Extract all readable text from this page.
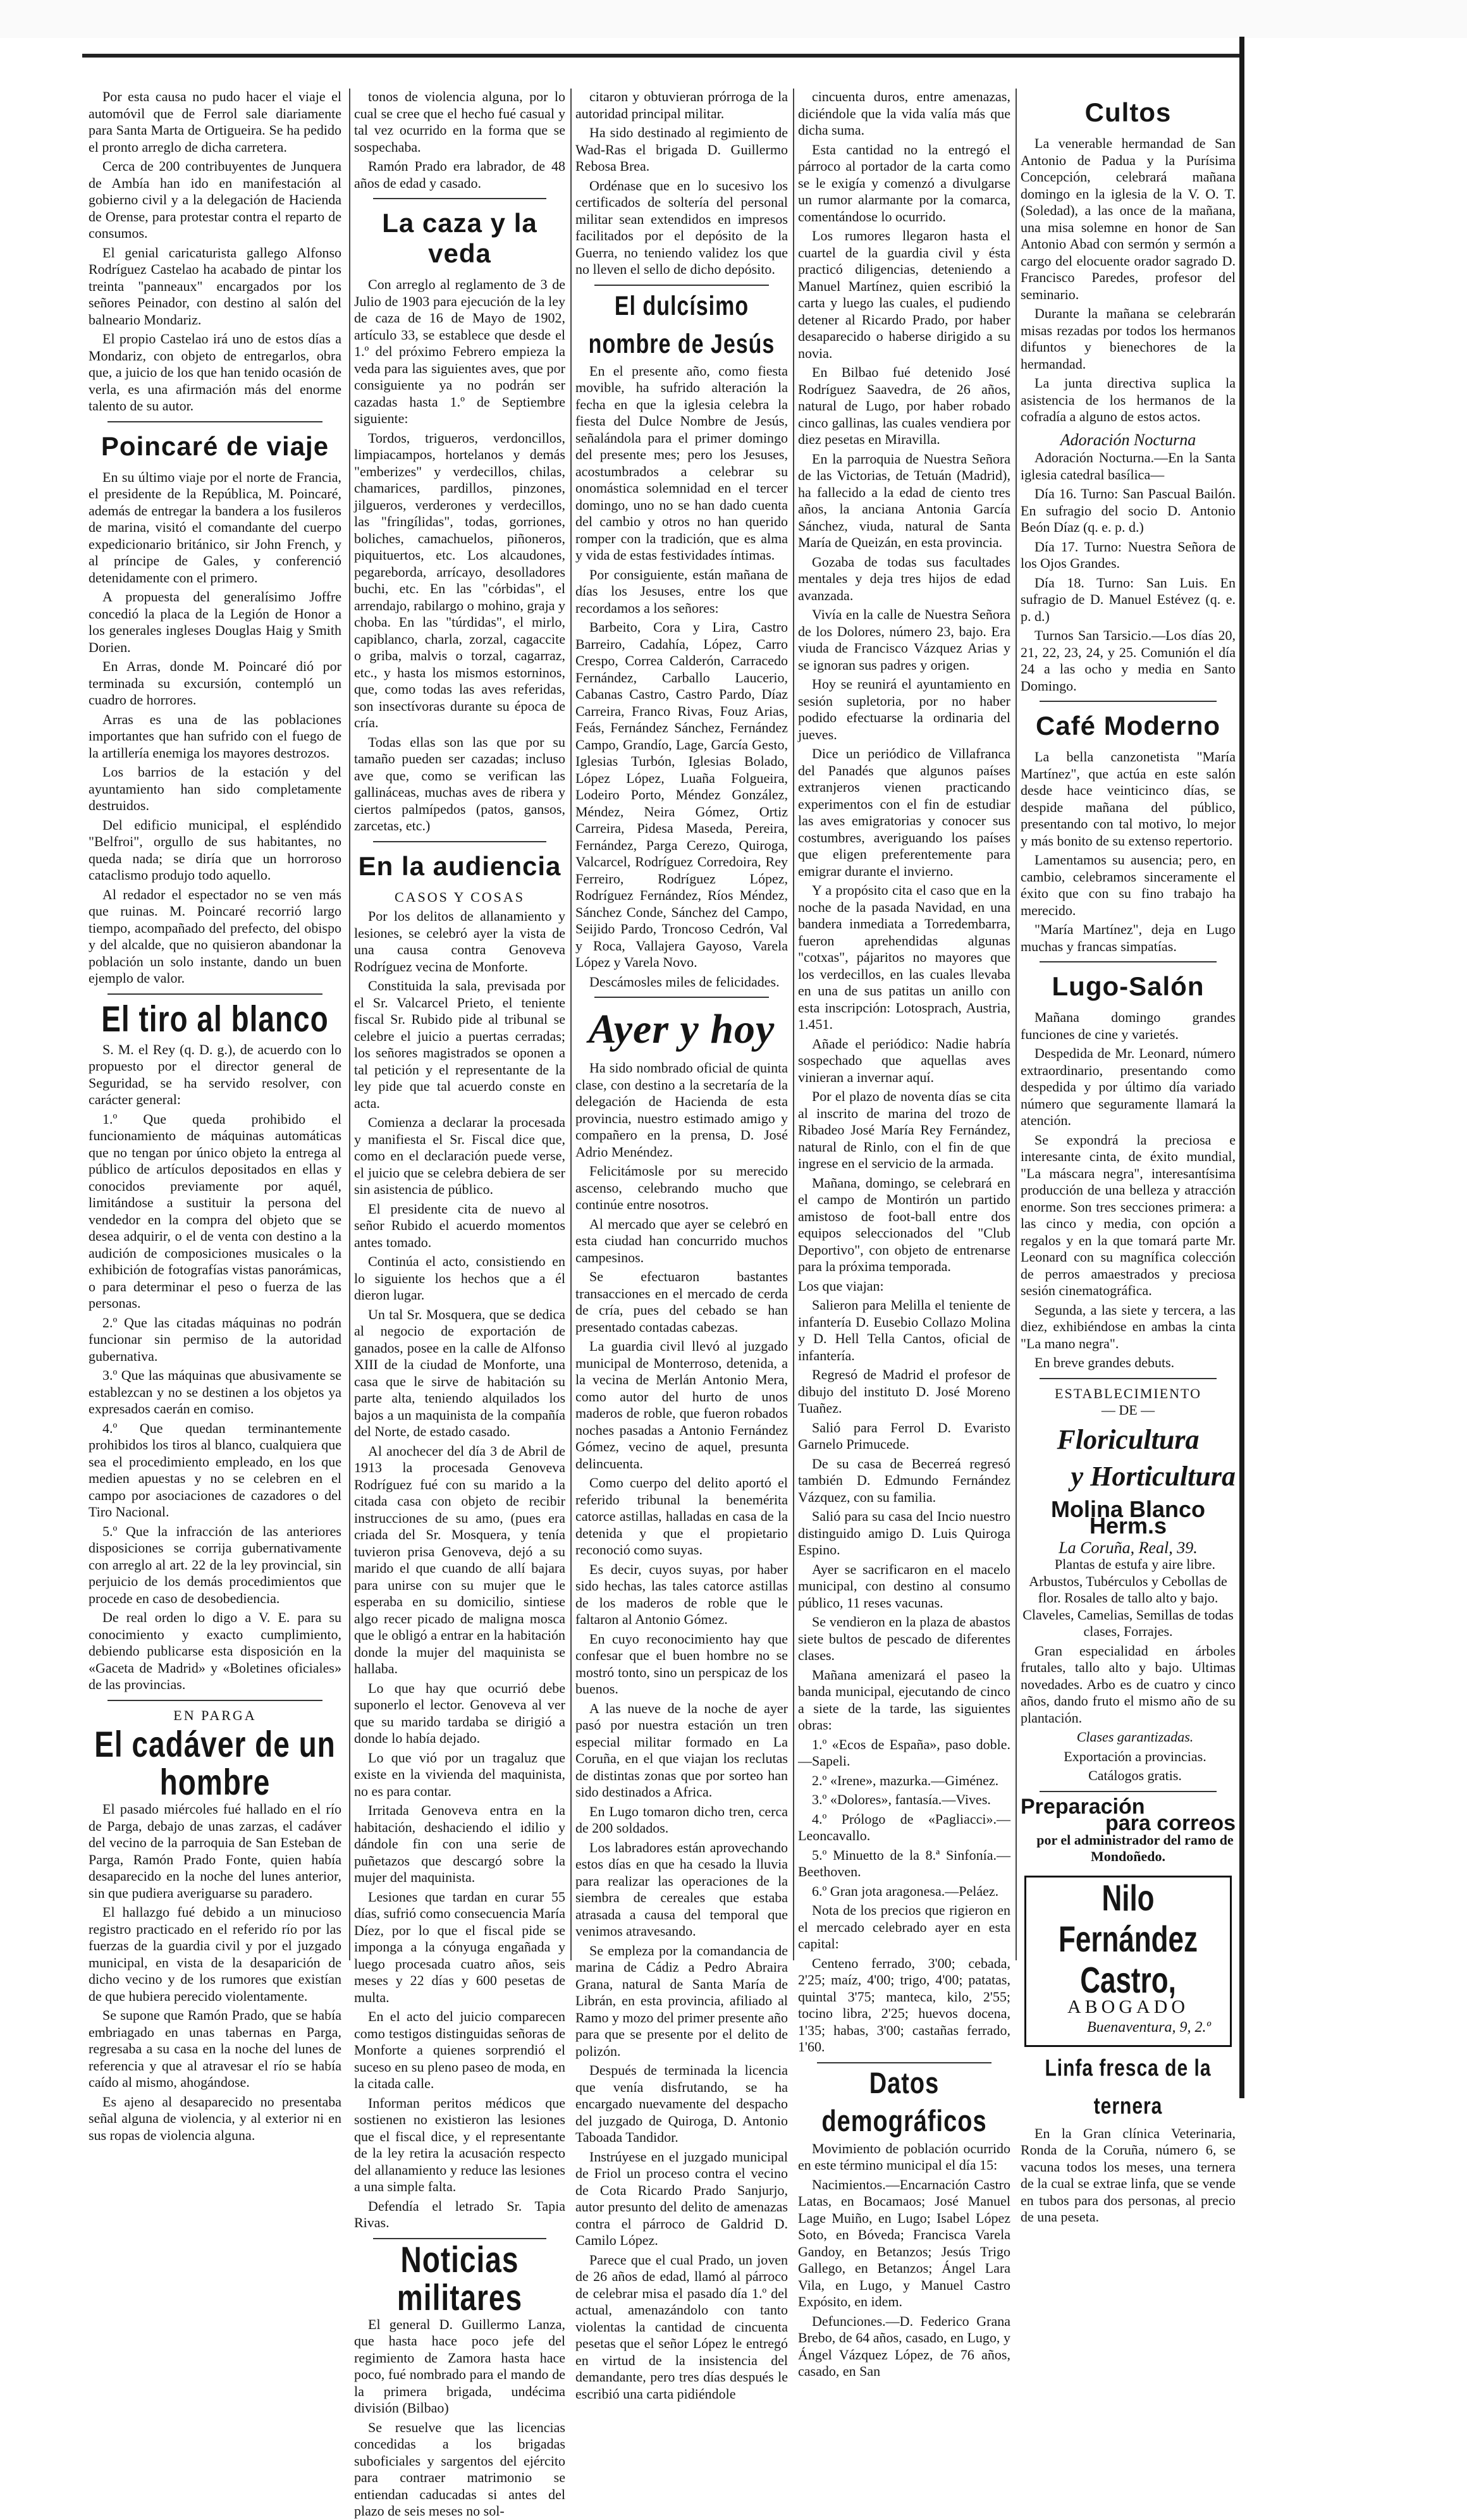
Por esta causa no pudo hacer el viaje el automóvil que de Ferrol sale diariamente para Santa Marta de Ortigueira. Se ha pedido el pronto arreglo de dicha carretera.

Cerca de 200 contribuyentes de Junquera de Ambía han ido en manifestación al gobierno civil y a la delegación de Hacienda de Orense, para protestar contra el reparto de consumos.

El genial caricaturista gallego Alfonso Rodríguez Castelao ha acabado de pintar los treinta "panneaux" encargados por los señores Peinador, con destino al salón del balneario Mondariz.

El propio Castelao irá uno de estos días a Mondariz, con objeto de entregarlos, obra que, a juicio de los que han tenido ocasión de verla, es una afirmación más del enorme talento de su autor.

Poincaré de viaje

En su último viaje por el norte de Francia, el presidente de la República, M. Poincaré, además de entregar la bandera a los fusileros de marina, visitó el comandante del cuerpo expedicionario británico, sir John French, y al príncipe de Gales, y conferenció detenidamente con el primero.

A propuesta del generalísimo Joffre concedió la placa de la Legión de Honor a los generales ingleses Douglas Haig y Smith Dorien.

En Arras, donde M. Poincaré dió por terminada su excursión, contempló un cuadro de horrores.

Arras es una de las poblaciones importantes que han sufrido con el fuego de la artillería enemiga los mayores destrozos.

Los barrios de la estación y del ayuntamiento han sido completamente destruidos.

Del edificio municipal, el espléndido "Belfroi", orgullo de sus habitantes, no queda nada; se diría que un horroroso cataclismo produjo todo aquello.

Al redador el espectador no se ven más que ruinas. M. Poincaré recorrió largo tiempo, acompañado del prefecto, del obispo y del alcalde, que no quisieron abandonar la población un solo instante, dando un buen ejemplo de valor.

El tiro al blanco

S. M. el Rey (q. D. g.), de acuerdo con lo propuesto por el director general de Seguridad, se ha servido resolver, con carácter general:

1.º Que queda prohibido el funcionamiento de máquinas automáticas que no tengan por único objeto la entrega al público de artículos depositados en ellas y conocidos previamente por aquél, limitándose a sustituir la persona del vendedor en la compra del objeto que se desea adquirir, o el de venta con destino a la audición de composiciones musicales o la exhibición de fotografías vistas panorámicas, o para determinar el peso o fuerza de las personas.

2.º Que las citadas máquinas no podrán funcionar sin permiso de la autoridad gubernativa.

3.º Que las máquinas que abusivamente se establezcan y no se destinen a los objetos ya expresados caerán en comiso.

4.º Que quedan terminantemente prohibidos los tiros al blanco, cualquiera que sea el procedimiento empleado, en los que medien apuestas y no se celebren en el campo por asociaciones de cazadores o del Tiro Nacional.

5.º Que la infracción de las anteriores disposiciones se corrija gubernativamente con arreglo al art. 22 de la ley provincial, sin perjuicio de los demás procedimientos que procede en caso de desobediencia.

De real orden lo digo a V. E. para su conocimiento y exacto cumplimiento, debiendo publicarse esta disposición en la «Gaceta de Madrid» y «Boletines oficiales» de las provincias.

EN PARGA
El cadáver de un hombre

El pasado miércoles fué hallado en el río de Parga, debajo de unas zarzas, el cadáver del vecino de la parroquia de San Esteban de Parga, Ramón Prado Fonte, quien había desaparecido en la noche del lunes anterior, sin que pudiera averiguarse su paradero.

El hallazgo fué debido a un minucioso registro practicado en el referido río por las fuerzas de la guardia civil y por el juzgado municipal, en vista de la desaparición de dicho vecino y de los rumores que existían de que hubiera perecido violentamente.

Se supone que Ramón Prado, que se había embriagado en unas tabernas en Parga, regresaba a su casa en la noche del lunes de referencia y que al atravesar el río se había caído al mismo, ahogándose.

Es ajeno al desaparecido no presentaba señal alguna de violencia, y al exterior ni en sus ropas de violencia alguna.

tonos de violencia alguna, por lo cual se cree que el hecho fué casual y tal vez ocurrido en la forma que se sospechaba.

Ramón Prado era labrador, de 48 años de edad y casado.

La caza y la veda

Con arreglo al reglamento de 3 de Julio de 1903 para ejecución de la ley de caza de 16 de Mayo de 1902, artículo 33, se establece que desde el 1.º del próximo Febrero empieza la veda para las siguientes aves, que por consiguiente ya no podrán ser cazadas hasta 1.º de Septiembre siguiente:

Tordos, trigueros, verdoncillos, limpiacampos, hortelanos y demás "emberizes" y verdecillos, chilas, chamarices, pardillos, pinzones, jilgueros, verderones y verdecillos, las "fringílidas", todas, gorriones, boliches, camachuelos, piñoneros, piquituertos, etc. Los alcaudones, pegareborda, arrícayo, desolladores buchi, etc. En las "córbidas", el arrendajo, rabilargo o mohino, graja y choba. En las "túrdidas", el mirlo, capiblanco, charla, zorzal, cagaccite o griba, malvis o torzal, cagarraz, etc., y hasta los mismos estorninos, que, como todas las aves referidas, son insectívoras durante su época de cría.

Todas ellas son las que por su tamaño pueden ser cazadas; incluso ave que, como se verifican las gallináceas, muchas aves de ribera y ciertos palmípedos (patos, gansos, zarcetas, etc.)

En la audiencia
CASOS Y COSAS

Por los delitos de allanamiento y lesiones, se celebró ayer la vista de una causa contra Genoveva Rodríguez vecina de Monforte.

Constituida la sala, previsada por el Sr. Valcarcel Prieto, el teniente fiscal Sr. Rubido pide al tribunal se celebre el juicio a puertas cerradas; los señores magistrados se oponen a tal petición y el representante de la ley pide que tal acuerdo conste en acta.

Comienza a declarar la procesada y manifiesta el Sr. Fiscal dice que, como en el declaración puede verse, el juicio que se celebra debiera de ser sin asistencia de público.

El presidente cita de nuevo al señor Rubido el acuerdo momentos antes tomado.

Continúa el acto, consistiendo en lo siguiente los hechos que a él dieron lugar.

Un tal Sr. Mosquera, que se dedica al negocio de exportación de ganados, posee en la calle de Alfonso XIII de la ciudad de Monforte, una casa que le sirve de habitación su parte alta, teniendo alquilados los bajos a un maquinista de la compañía del Norte, de estado casado.

Al anochecer del día 3 de Abril de 1913 la procesada Genoveva Rodríguez fué con su marido a la citada casa con objeto de recibir instrucciones de su amo, (pues era criada del Sr. Mosquera, y tenía tuvieron prisa Genoveva, dejó a su marido el que cuando de allí bajara para unirse con su mujer que le esperaba en su domicilio, sintiese algo recer picado de maligna mosca que le obligó a entrar en la habitación donde la mujer del maquinista se hallaba.

Lo que hay que ocurrió debe suponerlo el lector. Genoveva al ver que su marido tardaba se dirigió a donde lo había dejado.

Lo que vió por un tragaluz que existe en la vivienda del maquinista, no es para contar.

Irritada Genoveva entra en la habitación, deshaciendo el idilio y dándole fin con una serie de puñetazos que descargó sobre la mujer del maquinista.

Lesiones que tardan en curar 55 días, sufrió como consecuencia María Díez, por lo que el fiscal pide se imponga a la cónyuga engañada y luego procesada cuatro años, seis meses y 22 días y 600 pesetas de multa.

En el acto del juicio comparecen como testigos distinguidas señoras de Monforte a quienes sorprendió el suceso en su pleno paseo de moda, en la citada calle.

Informan peritos médicos que sostienen no existieron las lesiones que el fiscal dice, y el representante de la ley retira la acusación respecto del allanamiento y reduce las lesiones a una simple falta.

Defendía el letrado Sr. Tapia Rivas.

Noticias militares

El general D. Guillermo Lanza, que hasta hace poco jefe del regimiento de Zamora hasta hace poco, fué nombrado para el mando de la primera brigada, undécima división (Bilbao)

Se resuelve que las licencias concedidas a los brigadas suboficiales y sargentos del ejército para contraer matrimonio se entiendan caducadas si antes del plazo de seis meses no sol-

citaron y obtuvieran prórroga de la autoridad principal militar.

Ha sido destinado al regimiento de Wad-Ras el brigada D. Guillermo Rebosa Brea.

Ordénase que en lo sucesivo los certificados de soltería del personal militar sean extendidos en impresos facilitados por el depósito de la Guerra, no teniendo validez los que no lleven el sello de dicho depósito.

El dulcísimo nombre de Jesús

En el presente año, como fiesta movible, ha sufrido alteración la fecha en que la iglesia celebra la fiesta del Dulce Nombre de Jesús, señalándola para el primer domingo del presente mes; pero los Jesuses, acostumbrados a celebrar su onomástica solemnidad en el tercer domingo, uno no se han dado cuenta del cambio y otros no han querido romper con la tradición, que es alma y vida de estas festividades íntimas.

Por consiguiente, están mañana de días los Jesuses, entre los que recordamos a los señores:

Barbeito, Cora y Lira, Castro Barreiro, Cadahía, López, Carro Crespo, Correa Calderón, Carracedo Fernández, Carballo Laucerio, Cabanas Castro, Castro Pardo, Díaz Carreira, Franco Rivas, Fouz Arias, Feás, Fernández Sánchez, Fernández Campo, Grandío, Lage, García Gesto, Iglesias Turbón, Iglesias Bolado, López López, Luaña Folgueira, Lodeiro Porto, Méndez González, Méndez, Neira Gómez, Ortiz Carreira, Pidesa Maseda, Pereira, Fernández, Parga Cerezo, Quiroga, Valcarcel, Rodríguez Corredoira, Rey Ferreiro, Rodríguez López, Rodríguez Fernández, Ríos Méndez, Sánchez Conde, Sánchez del Campo, Seijido Pardo, Troncoso Cedrón, Val y Roca, Vallajera Gayoso, Varela López y Varela Novo.

Descámosles miles de felicidades.

Ayer y hoy

Ha sido nombrado oficial de quinta clase, con destino a la secretaría de la delegación de Hacienda de esta provincia, nuestro estimado amigo y compañero en la prensa, D. José Adrio Menéndez.

Felicitámosle por su merecido ascenso, celebrando mucho que continúe entre nosotros.

Al mercado que ayer se celebró en esta ciudad han concurrido muchos campesinos.

Se efectuaron bastantes transacciones en el mercado de cerda de cría, pues del cebado se han presentado contadas cabezas.

La guardia civil llevó al juzgado municipal de Monterroso, detenida, a la vecina de Merlán Antonio Mera, como autor del hurto de unos maderos de roble, que fueron robados noches pasadas a Antonio Fernández Gómez, vecino de aquel, presunta delincuenta.

Como cuerpo del delito aportó el referido tribunal la benemérita catorce astillas, halladas en casa de la detenida y que el propietario reconoció como suyas.

Es decir, cuyos suyas, por haber sido hechas, las tales catorce astillas de los maderos de roble que le faltaron al Antonio Gómez.

En cuyo reconocimiento hay que confesar que el buen hombre no se mostró tonto, sino un perspicaz de los buenos.

A las nueve de la noche de ayer pasó por nuestra estación un tren especial militar formado en La Coruña, en el que viajan los reclutas de distintas zonas que por sorteo han sido destinados a Africa.

En Lugo tomaron dicho tren, cerca de 200 soldados.

Los labradores están aprovechando estos días en que ha cesado la lluvia para realizar las operaciones de la siembra de cereales que estaba atrasada a causa del temporal que venimos atravesando.

Se empleza por la comandancia de marina de Cádiz a Pedro Abraira Grana, natural de Santa María de Librán, en esta provincia, afiliado al Ramo y mozo del primer presente año para que se presente por el delito de polizón.

Después de terminada la licencia que venía disfrutando, se ha encargado nuevamente del despacho del juzgado de Quiroga, D. Antonio Taboada Tandidor.

Instrúyese en el juzgado municipal de Friol un proceso contra el vecino de Cota Ricardo Prado Sanjurjo, autor presunto del delito de amenazas contra el párroco de Galdrid D. Camilo López.

Parece que el cual Prado, un joven de 26 años de edad, llamó al párroco de celebrar misa el pasado día 1.º del actual, amenazándolo con tanto violentas la cantidad de cincuenta pesetas que el señor López le entregó en virtud de la insistencia del demandante, pero tres días después le escribió una carta pidiéndole

cincuenta duros, entre amenazas, diciéndole que la vida valía más que dicha suma.

Esta cantidad no la entregó el párroco al portador de la carta como se le exigía y comenzó a divulgarse un rumor alarmante por la comarca, comentándose lo ocurrido.

Los rumores llegaron hasta el cuartel de la guardia civil y ésta practicó diligencias, deteniendo a Manuel Martínez, quien escribió la carta y luego las cuales, el pudiendo detener al Ricardo Prado, por haber desaparecido o haberse dirigido a su novia.

En Bilbao fué detenido José Rodríguez Saavedra, de 26 años, natural de Lugo, por haber robado cinco gallinas, las cuales vendiera por diez pesetas en Miravilla.

En la parroquia de Nuestra Señora de las Victorias, de Tetuán (Madrid), ha fallecido a la edad de ciento tres años, la anciana Antonia García Sánchez, viuda, natural de Santa María de Queizán, en esta provincia.

Gozaba de todas sus facultades mentales y deja tres hijos de edad avanzada.

Vivía en la calle de Nuestra Señora de los Dolores, número 23, bajo. Era viuda de Francisco Vázquez Arias y se ignoran sus padres y origen.

Hoy se reunirá el ayuntamiento en sesión supletoria, por no haber podido efectuarse la ordinaria del jueves.

Dice un periódico de Villafranca del Panadés que algunos países extranjeros vienen practicando experimentos con el fin de estudiar las aves emigratorias y conocer sus costumbres, averiguando los países que eligen preferentemente para emigrar durante el invierno.

Y a propósito cita el caso que en la noche de la pasada Navidad, en una bandera inmediata a Torredembarra, fueron aprehendidas algunas "cotxas", pájaritos no mayores que los verdecillos, en las cuales llevaba en una de sus patitas un anillo con esta inscripción: Lotosprach, Austria, 1.451.

Añade el periódico: Nadie habría sospechado que aquellas aves vinieran a invernar aquí.

Por el plazo de noventa días se cita al inscrito de marina del trozo de Ribadeo José María Rey Fernández, natural de Rinlo, con el fin de que ingrese en el servicio de la armada.

Mañana, domingo, se celebrará en el campo de Montirón un partido amistoso de foot-ball entre dos equipos seleccionados del "Club Deportivo", con objeto de entrenarse para la próxima temporada.

Los que viajan:

Salieron para Melilla el teniente de infantería D. Eusebio Collazo Molina y D. Hell Tella Cantos, oficial de infantería.

Regresó de Madrid el profesor de dibujo del instituto D. José Moreno Tuañez.

Salió para Ferrol D. Evaristo Garnelo Primucede.

De su casa de Becerreá regresó también D. Edmundo Fernández Vázquez, con su familia.

Salió para su casa del Incio nuestro distinguido amigo D. Luis Quiroga Espino.

Ayer se sacrificaron en el macelo municipal, con destino al consumo público, 11 reses vacunas.

Se vendieron en la plaza de abastos siete bultos de pescado de diferentes clases.

Mañana amenizará el paseo la banda municipal, ejecutando de cinco a siete de la tarde, las siguientes obras:

1.º «Ecos de España», paso doble.—Sapeli.

2.º «Irene», mazurka.—Giménez.

3.º «Dolores», fantasía.—Vives.

4.º Prólogo de «Pagliacci».—Leoncavallo.

5.º Minuetto de la 8.ª Sinfonía.—Beethoven.

6.º Gran jota aragonesa.—Peláez.

Nota de los precios que rigieron en el mercado celebrado ayer en esta capital:

Centeno ferrado, 3'00; cebada, 2'25; maíz, 4'00; trigo, 4'00; patatas, quintal 3'75; manteca, kilo, 2'55; tocino libra, 2'25; huevos docena, 1'35; habas, 3'00; castañas ferrado, 1'60.

Datos demográficos

Movimiento de población ocurrido en este término municipal el día 15:

Nacimientos.—Encarnación Castro Latas, en Bocamaos; José Manuel Lage Muiño, en Lugo; Isabel López Soto, en Bóveda; Francisca Varela Gandoy, en Betanzos; Jesús Trigo Gallego, en Betanzos; Ángel Lara Vila, en Lugo, y Manuel Castro Expósito, en idem.

Defunciones.—D. Federico Grana Brebo, de 64 años, casado, en Lugo, y Ángel Vázquez López, de 76 años, casado, en San

Cultos

La venerable hermandad de San Antonio de Padua y la Purísima Concepción, celebrará mañana domingo en la iglesia de la V. O. T. (Soledad), a las once de la mañana, una misa solemne en honor de San Antonio Abad con sermón y sermón a cargo del elocuente orador sagrado D. Francisco Paredes, profesor del seminario.

Durante la mañana se celebrarán misas rezadas por todos los hermanos difuntos y bienechores de la hermandad.

La junta directiva suplica la asistencia de los hermanos de la cofradía a alguno de estos actos.

Adoración Nocturna

Adoración Nocturna.—En la Santa iglesia catedral basílica—

Día 16. Turno: San Pascual Bailón. En sufragio del socio D. Antonio Beón Díaz (q. e. p. d.)

Día 17. Turno: Nuestra Señora de los Ojos Grandes.

Día 18. Turno: San Luis. En sufragio de D. Manuel Estévez (q. e. p. d.)

Turnos San Tarsicio.—Los días 20, 21, 22, 23, 24, y 25. Comunión el día 24 a las ocho y media en Santo Domingo.

Café Moderno

La bella canzonetista "María Martínez", que actúa en este salón desde hace veinticinco días, se despide mañana del público, presentando con tal motivo, lo mejor y más bonito de su extenso repertorio.

Lamentamos su ausencia; pero, en cambio, celebramos sinceramente el éxito que con su fino trabajo ha merecido.

"María Martínez", deja en Lugo muchas y francas simpatías.

Lugo-Salón

Mañana domingo grandes funciones de cine y varietés.

Despedida de Mr. Leonard, número extraordinario, presentando como despedida y por último día variado número que seguramente llamará la atención.

Se expondrá la preciosa e interesante cinta, de éxito mundial, "La máscara negra", interesantísima producción de una belleza y atracción enorme. Son tres secciones primera: a las cinco y media, con opción a regalos y en la que tomará parte Mr. Leonard con su magnífica colección de perros amaestrados y preciosa sesión cinematográfica.

Segunda, a las siete y tercera, a las diez, exhibiéndose en ambas la cinta "La mano negra".

En breve grandes debuts.

ESTABLECIMIENTO
— DE —
Floricultura
y Horticultura
Molina Blanco Herm.s
La Coruña, Real, 39.

Plantas de estufa y aire libre. Arbustos, Tubérculos y Cebollas de flor. Rosales de tallo alto y bajo. Claveles, Camelias, Semillas de todas clases, Forrajes.

Gran especialidad en árboles frutales, tallo alto y bajo. Ultimas novedades. Arbo es de cuatro y cinco años, dando fruto el mismo año de su plantación.

Clases garantizadas.

Exportación a provincias.

Catálogos gratis.

Preparación
para correos

por el administrador del ramo de Mondoñedo.

Nilo Fernández Castro,
ABOGADO
Buenaventura, 9, 2.º
Linfa fresca de la ternera

En la Gran clínica Veterinaria, Ronda de la Coruña, número 6, se vacuna todos los meses, una ternera de la cual se extrae linfa, que se vende en tubos para dos personas, al precio de una peseta.
